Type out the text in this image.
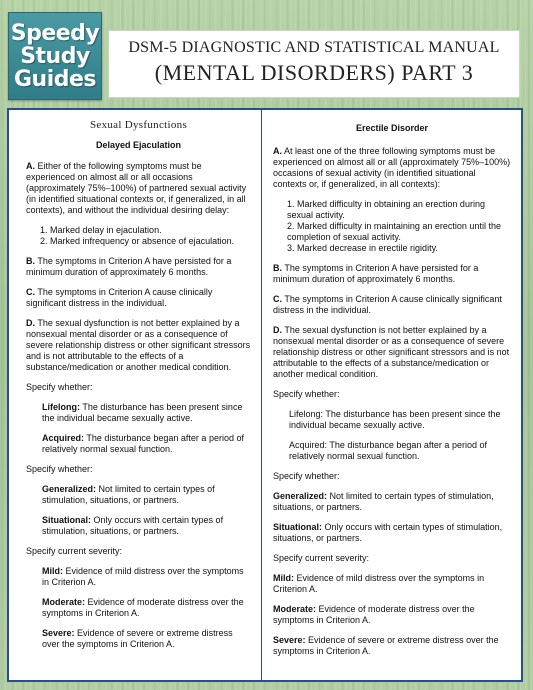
Speedy
Study
Guides
DSM-5 DIAGNOSTIC AND STATISTICAL MANUAL
(MENTAL DISORDERS) PART 3
Sexual Dysfunctions
Delayed Ejaculation

A. Either of the following symptoms must be experienced on almost all or all occasions (approximately 75%–100%) of partnered sexual activity (in identified situational contexts or, if generalized, in all contexts), and without the individual desiring delay:

1. Marked delay in ejaculation.
2. Marked infrequency or absence of ejaculation.

B. The symptoms in Criterion A have persisted for a minimum duration of approximately 6 months.

C. The symptoms in Criterion A cause clinically significant distress in the individual.

D. The sexual dysfunction is not better explained by a nonsexual mental disorder or as a consequence of severe relationship distress or other significant stressors and is not attributable to the effects of a substance/medication or another medical condition.

Specify whether:

Lifelong: The disturbance has been present since the individual became sexually active.

Acquired: The disturbance began after a period of relatively normal sexual function.

Specify whether:

Generalized: Not limited to certain types of stimulation, situations, or partners.

Situational: Only occurs with certain types of stimulation, situations, or partners.

Specify current severity:

Mild: Evidence of mild distress over the symptoms in Criterion A.

Moderate: Evidence of moderate distress over the symptoms in Criterion A.

Severe: Evidence of severe or extreme distress over the symptoms in Criterion A.

Erectile Disorder

A. At least one of the three following symptoms must be experienced on almost all or all (approximately 75%–100%) occasions of sexual activity (in identified situational contexts or, if generalized, in all contexts):

1. Marked difficulty in obtaining an erection during sexual activity.
2. Marked difficulty in maintaining an erection until the completion of sexual activity.
3. Marked decrease in erectile rigidity.

B. The symptoms in Criterion A have persisted for a minimum duration of approximately 6 months.

C. The symptoms in Criterion A cause clinically significant distress in the individual.

D. The sexual dysfunction is not better explained by a nonsexual mental disorder or as a consequence of severe relationship distress or other significant stressors and is not attributable to the effects of a substance/medication or another medical condition.

Specify whether:

Lifelong: The disturbance has been present since the individual became sexually active.

Acquired: The disturbance began after a period of relatively normal sexual function.

Specify whether:

Generalized: Not limited to certain types of stimulation, situations, or partners.

Situational: Only occurs with certain types of stimulation, situations, or partners.

Specify current severity:

Mild: Evidence of mild distress over the symptoms in Criterion A.

Moderate: Evidence of moderate distress over the symptoms in Criterion A.

Severe: Evidence of severe or extreme distress over the symptoms in Criterion A.
